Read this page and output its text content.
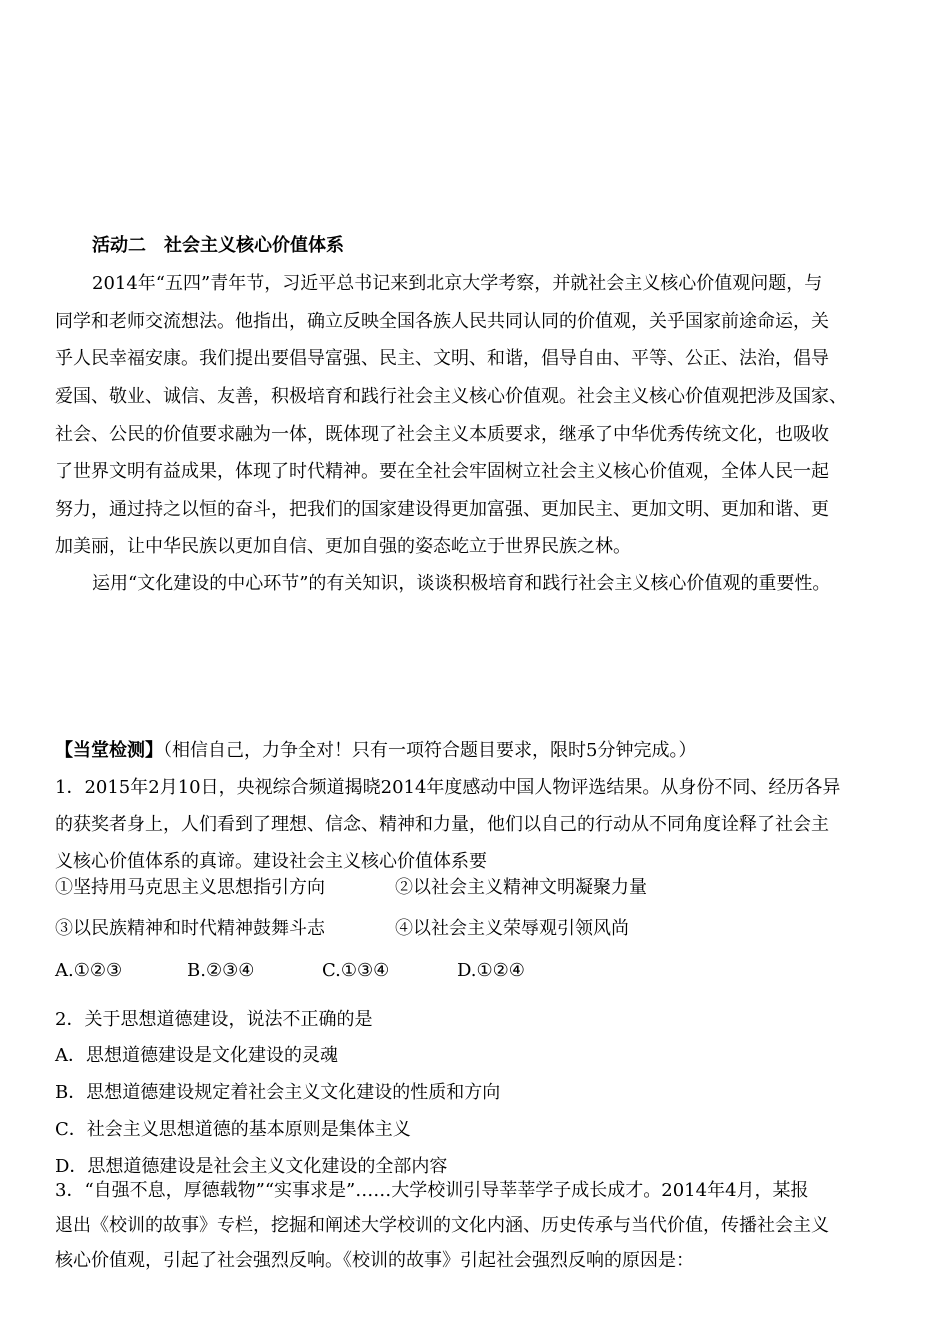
活动二　社会主义核心价值体系
2014年“五四”青年节，习近平总书记来到北京大学考察，并就社会主义核心价值观问题，与
同学和老师交流想法。他指出，确立反映全国各族人民共同认同的价值观，关乎国家前途命运，关
乎人民幸福安康。我们提出要倡导富强、民主、文明、和谐，倡导自由、平等、公正、法治，倡导
爱国、敬业、诚信、友善，积极培育和践行社会主义核心价值观。社会主义核心价值观把涉及国家、
社会、公民的价值要求融为一体，既体现了社会主义本质要求，继承了中华优秀传统文化，也吸收
了世界文明有益成果，体现了时代精神。要在全社会牢固树立社会主义核心价值观，全体人民一起
努力，通过持之以恒的奋斗，把我们的国家建设得更加富强、更加民主、更加文明、更加和谐、更
加美丽，让中华民族以更加自信、更加自强的姿态屹立于世界民族之林。
运用“文化建设的中心环节”的有关知识，谈谈积极培育和践行社会主义核心价值观的重要性。
【当堂检测】（相信自己，力争全对！只有一项符合题目要求，限时5分钟完成。）
1．2015年2月10日，央视综合频道揭晓2014年度感动中国人物评选结果。从身份不同、经历各异
的获奖者身上，人们看到了理想、信念、精神和力量，他们以自己的行动从不同角度诠释了社会主
义核心价值体系的真谛。建设社会主义核心价值体系要
①坚持用马克思主义思想指引方向	②以社会主义精神文明凝聚力量
③以民族精神和时代精神鼓舞斗志	④以社会主义荣辱观引领风尚
A.①②③	B.②③④	C.①③④	D.①②④
2．关于思想道德建设，说法不正确的是
A．思想道德建设是文化建设的灵魂
B．思想道德建设规定着社会主义文化建设的性质和方向
C．社会主义思想道德的基本原则是集体主义
D．思想道德建设是社会主义文化建设的全部内容
3．“自强不息，厚德载物”“实事求是”……大学校训引导莘莘学子成长成才。2014年4月，某报
退出《校训的故事》专栏，挖掘和阐述大学校训的文化内涵、历史传承与当代价值，传播社会主义
核心价值观，引起了社会强烈反响。《校训的故事》引起社会强烈反响的原因是：
